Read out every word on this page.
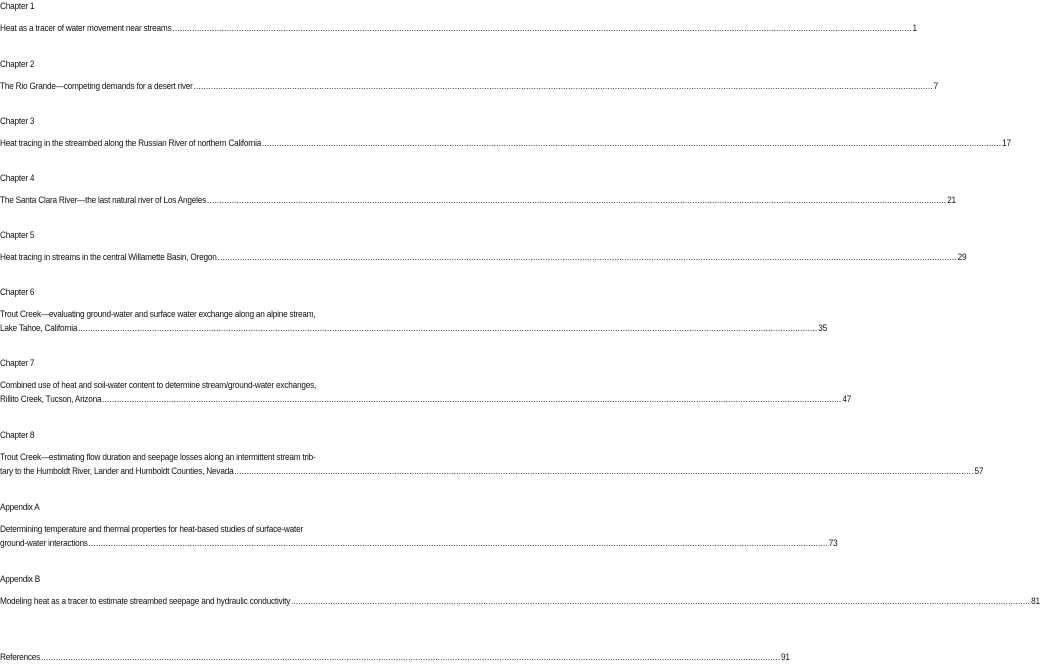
Chapter 1
Heat as a tracer of water movement near streams ............................................................................................................................................................................................................................................................................................................ 1
Chapter 2
The Rio Grande—competing demands for a desert river ............................................................................................................................................................................................................................................................................................................ 7
Chapter 3
Heat tracing in the streambed along the Russian River of northern California ............................................................................................................................................................................................................................................................................................................ 17
Chapter 4
The Santa Clara River—the last natural river of Los Angeles ............................................................................................................................................................................................................................................................................................................ 21
Chapter 5
Heat tracing in streams in the central Willamette Basin, Oregon ............................................................................................................................................................................................................................................................................................................ 29
Chapter 6
Trout Creek—evaluating ground-water and surface water exchange along an alpine stream,
Lake Tahoe, California ............................................................................................................................................................................................................................................................................................................ 35
Chapter 7
Combined use of heat and soil-water content to determine stream/ground-water exchanges,
Rillito Creek, Tucson, Arizona ............................................................................................................................................................................................................................................................................................................ 47
Chapter 8
Trout Creek—estimating flow duration and seepage losses along an intermittent stream trib-
tary to the Humboldt River, Lander and Humboldt Counties, Nevada ............................................................................................................................................................................................................................................................................................................ 57
Appendix A
Determining temperature and thermal properties for heat-based studies of surface-water
ground-water interactions ............................................................................................................................................................................................................................................................................................................ 73
Appendix B
Modeling heat as a tracer to estimate streambed seepage and hydraulic conductivity ............................................................................................................................................................................................................................................................................................................ 81
References ............................................................................................................................................................................................................................................................................................................ 91
